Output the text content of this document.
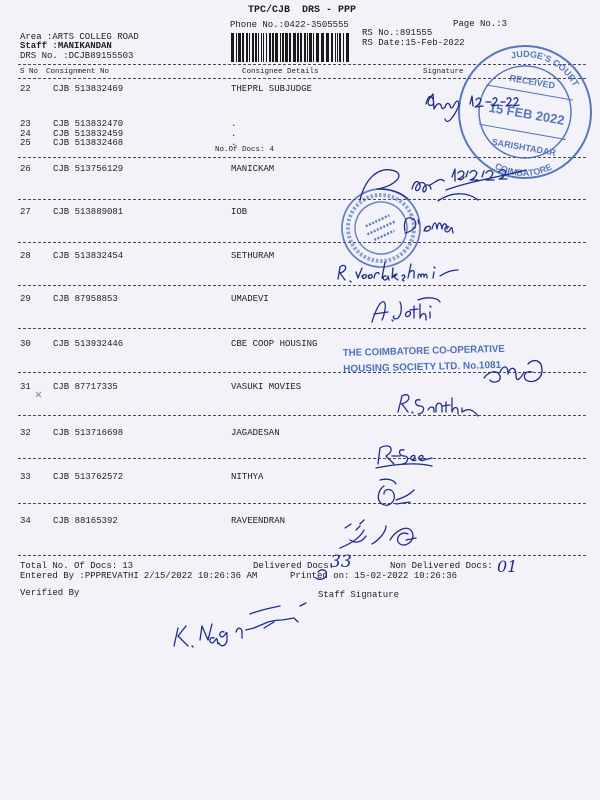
TPC/CJB  DRS - PPP
Phone No.:0422-3505555	Page No.:3
Area :ARTS COLLEG ROAD
Staff :MANIKANDAN
DRS No. :DCJB89155503
RS No.:891555
RS Date:15-Feb-2022
S No Consignment No	Consignee Details	Signature
22 CJB 513832469	THEPRL SUBJUDGE
23 CJB 513832470	.
24 CJB 513832459	.
25 CJB 513832468	.
No.Of Docs: 4
26 CJB 513756129	MANICKAM
27 CJB 513889081	IOB
28 CJB 513832454	SETHURAM
29 CJB 87958853	UMADEVI
30 CJB 513932446	CBE COOP HOUSING
31 CJB 87717335	VASUKI MOVIES
32 CJB 513716698	JAGADESAN
33 CJB 513762572	NITHYA
34 CJB 88165392	RAVEENDRAN
Total No. Of Docs: 13	Delivered Docs:
33	Non Delivered Docs: 01
Entered By :PPPREVATHI 2/15/2022 10:26:36 AM	Printed on: 15-02-2022 10:26:36
Verified By	Staff Signature
JUDGE'S COURT
RECEIVED
15 FEB 2022
SARISHTADAR
COIMBATORE
THE COIMBATORE CO-OPERATIVE
HOUSING SOCIETY LTD. No.1081
